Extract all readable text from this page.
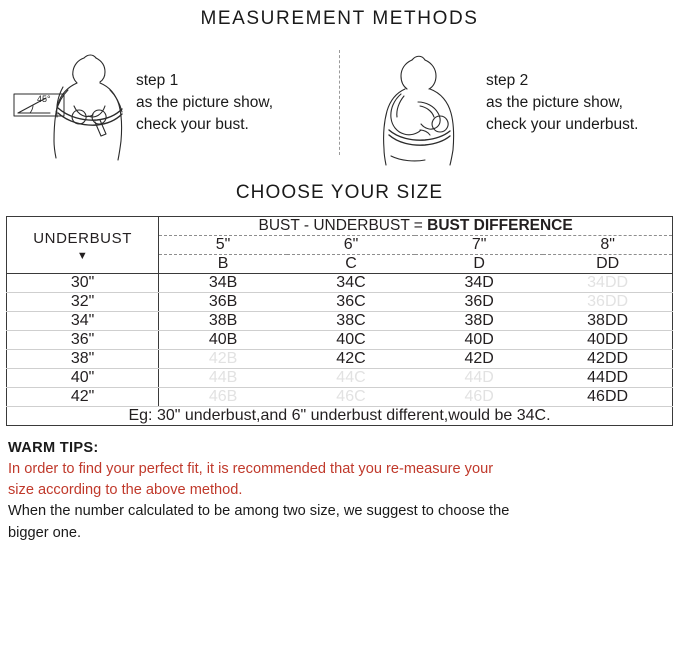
MEASUREMENT METHODS
45°
step 1
as the picture show,
check your bust.
step 2
as the picture show,
check your underbust.
CHOOSE YOUR SIZE
UNDERBUST
▼	BUST - UNDERBUST = BUST DIFFERENCE			
	5"	6"	7"	8"
	B	C	D	DD

30"	34B	34C	34D	34DD
32"	36B	36C	36D	36DD
34"	38B	38C	38D	38DD
36"	40B	40C	40D	40DD
38"	42B	42C	42D	42DD
40"	44B	44C	44D	44DD
42"	46B	46C	46D	46DD
Eg: 30" underbust,and 6" underbust different,would be 34C.				
WARM TIPS:
In order to find your perfect fit, it is recommended that you re-measure your
size according to the above method.
When the number calculated to be among two size, we suggest to choose the
bigger one.
